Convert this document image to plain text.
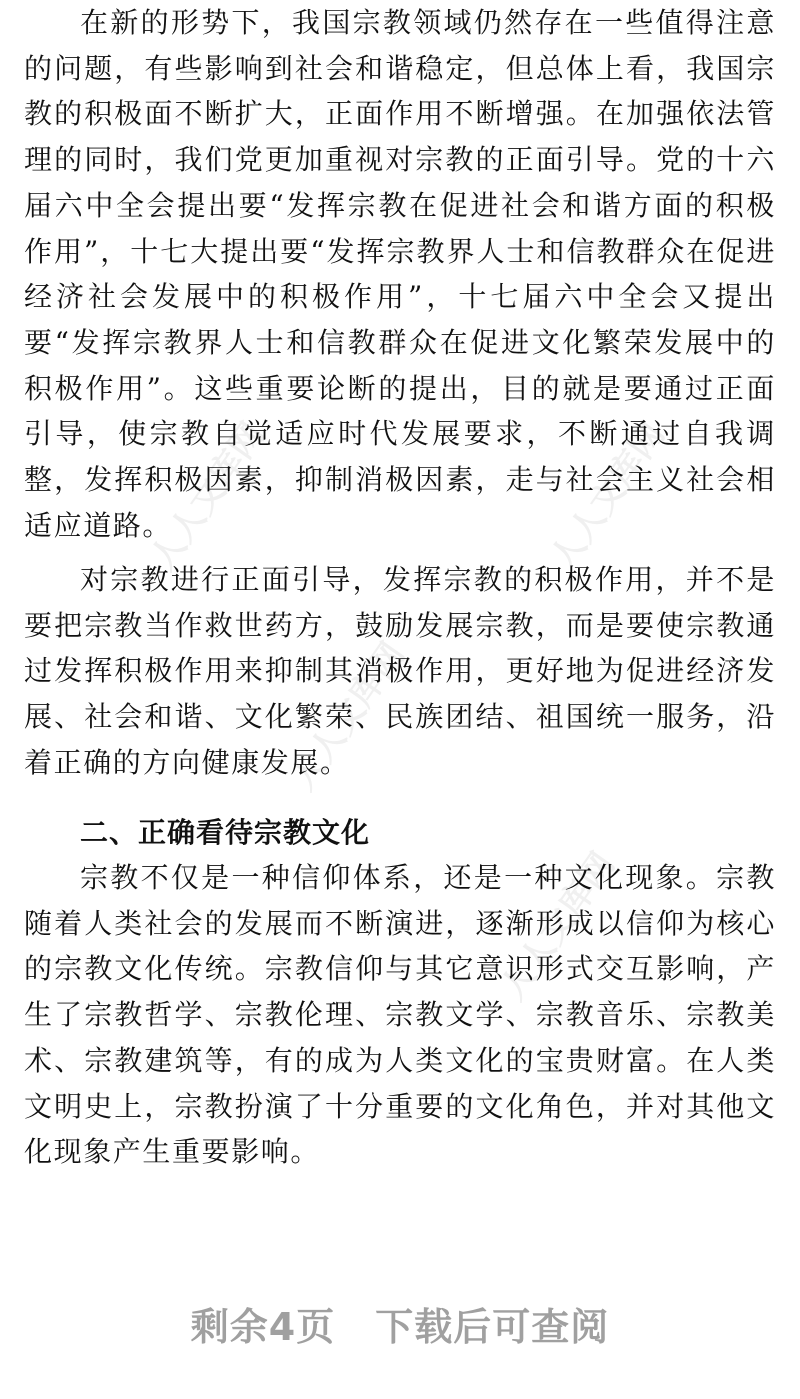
在新的形势下，我国宗教领域仍然存在一些值得注意的问题，有些影响到社会和谐稳定，但总体上看，我国宗教的积极面不断扩大，正面作用不断增强。在加强依法管理的同时，我们党更加重视对宗教的正面引导。党的十六届六中全会提出要“发挥宗教在促进社会和谐方面的积极作用”，十七大提出要“发挥宗教界人士和信教群众在促进经济社会发展中的积极作用”，十七届六中全会又提出要“发挥宗教界人士和信教群众在促进文化繁荣发展中的积极作用”。这些重要论断的提出，目的就是要通过正面引导，使宗教自觉适应时代发展要求，不断通过自我调整，发挥积极因素，抑制消极因素，走与社会主义社会相适应道路。

对宗教进行正面引导，发挥宗教的积极作用，并不是要把宗教当作救世药方，鼓励发展宗教，而是要使宗教通过发挥积极作用来抑制其消极作用，更好地为促进经济发展、社会和谐、文化繁荣、民族团结、祖国统一服务，沿着正确的方向健康发展。

二、正确看待宗教文化

宗教不仅是一种信仰体系，还是一种文化现象。宗教随着人类社会的发展而不断演进，逐渐形成以信仰为核心的宗教文化传统。宗教信仰与其它意识形式交互影响，产生了宗教哲学、宗教伦理、宗教文学、宗教音乐、宗教美术、宗教建筑等，有的成为人类文化的宝贵财富。在人类文明史上，宗教扮演了十分重要的文化角色，并对其他文化现象产生重要影响。

人人文库网	人人文库网
人人文库网
人人文库网
剩余4页 下载后可查阅
